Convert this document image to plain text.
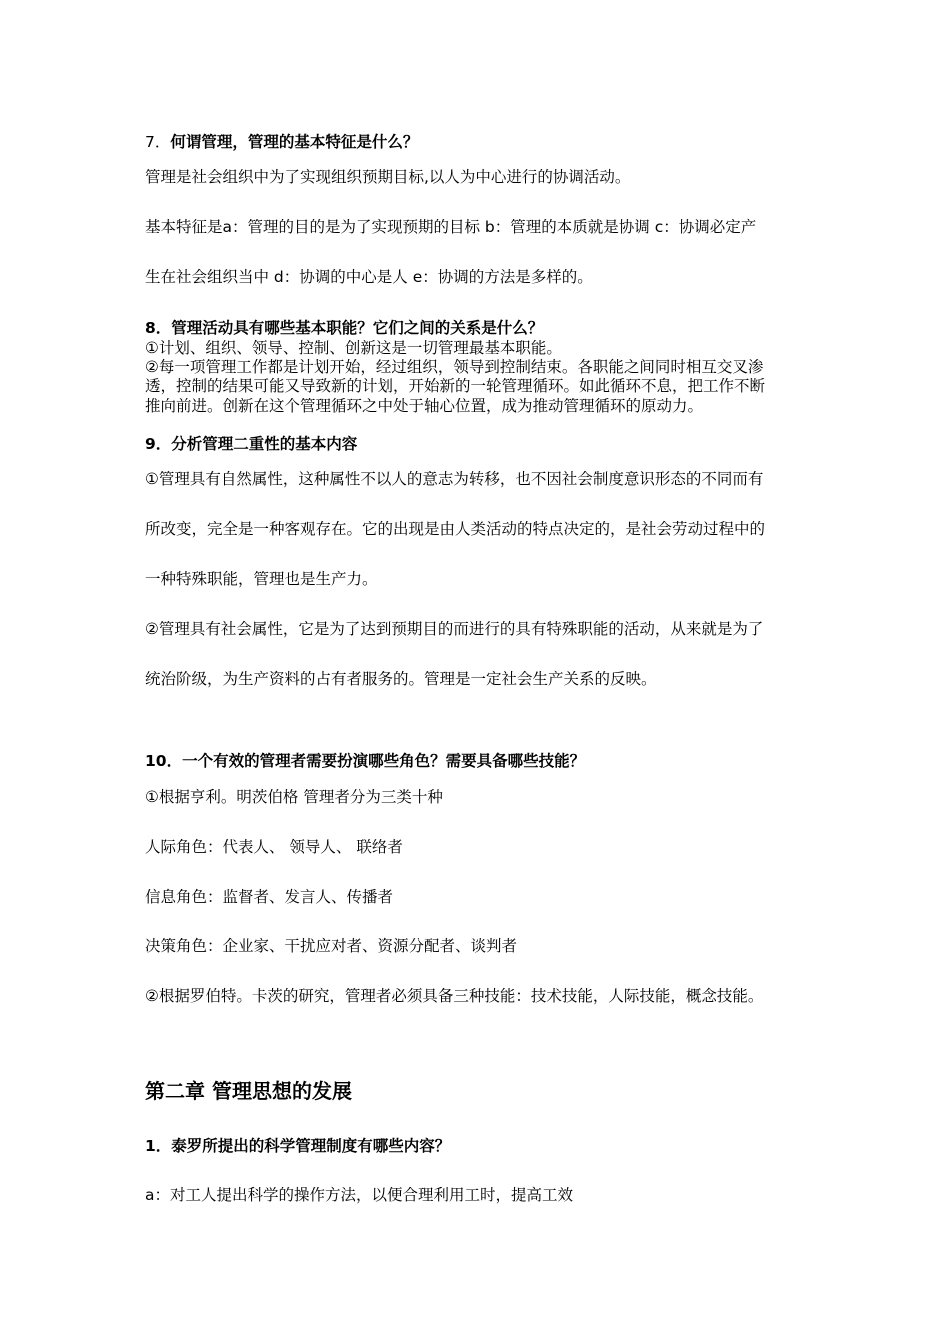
7．何谓管理，管理的基本特征是什么？
管理是社会组织中为了实现组织预期目标,以人为中心进行的协调活动。
基本特征是a：管理的目的是为了实现预期的目标 b：管理的本质就是协调 c：协调必定产
生在社会组织当中 d：协调的中心是人 e：协调的方法是多样的。
8．管理活动具有哪些基本职能？它们之间的关系是什么？
①计划、组织、领导、控制、创新这是一切管理最基本职能。
②每一项管理工作都是计划开始，经过组织，领导到控制结束。各职能之间同时相互交叉渗
透，控制的结果可能又导致新的计划，开始新的一轮管理循环。如此循环不息，把工作不断
推向前进。创新在这个管理循环之中处于轴心位置，成为推动管理循环的原动力。
9．分析管理二重性的基本内容
①管理具有自然属性，这种属性不以人的意志为转移，也不因社会制度意识形态的不同而有
所改变，完全是一种客观存在。它的出现是由人类活动的特点决定的，是社会劳动过程中的
一种特殊职能，管理也是生产力。
②管理具有社会属性，它是为了达到预期目的而进行的具有特殊职能的活动，从来就是为了
统治阶级，为生产资料的占有者服务的。管理是一定社会生产关系的反映。
10．一个有效的管理者需要扮演哪些角色？需要具备哪些技能？
①根据亨利。明茨伯格 管理者分为三类十种
人际角色：代表人、 领导人、 联络者
信息角色：监督者、发言人、传播者
决策角色：企业家、干扰应对者、资源分配者、谈判者
②根据罗伯特。卡茨的研究，管理者必须具备三种技能：技术技能，人际技能，概念技能。
第二章 管理思想的发展
1．泰罗所提出的科学管理制度有哪些内容？
a：对工人提出科学的操作方法，以便合理利用工时，提高工效
